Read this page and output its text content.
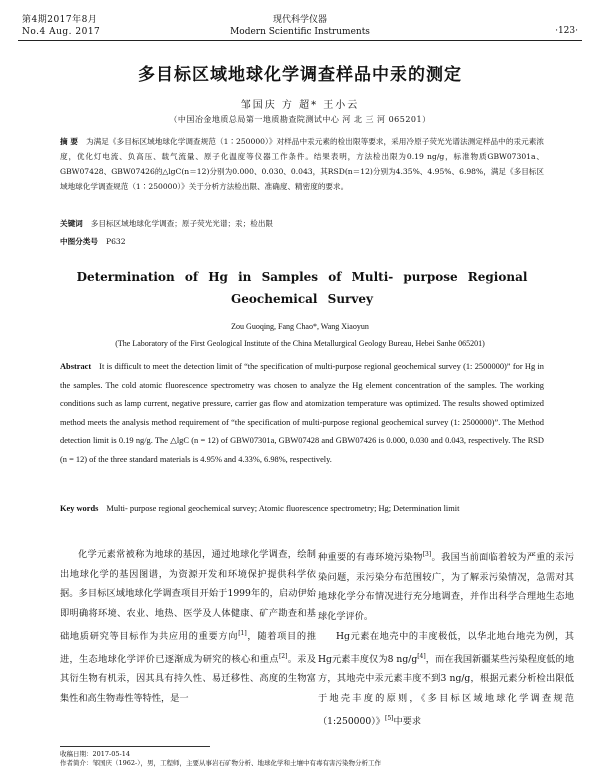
第4期2017年8月
No.4 Aug. 2017
现代科学仪器
Modern Scientific Instruments	·123·
多目标区域地球化学调查样品中汞的测定
邹国庆 方 超* 王小云
（中国冶金地质总局第一地质勘查院测试中心 河 北 三 河 065201）
摘 要 为满足《多目标区域地球化学调查规范（1∶250000）》对样品中汞元素的检出限等要求，采用冷原子荧光光谱法测定样品中的汞元素浓度，优化灯电流、负高压、载气流量、原子化温度等仪器工作条件。结果表明，方法检出限为0.19 ng/g，标准物质GBW07301a、GBW07428、GBW07426的△lgC(n＝12)分别为0.000、0.030、0.043，其RSD(n＝12)分别为4.35%、4.95%、6.98%，满足《多目标区域地球化学调查规范（1∶250000）》关于分析方法检出限、准确度、精密度的要求。
关键词 多目标区域地球化学调查；原子荧光光谱；汞；检出限
中图分类号 P632
Determination of Hg in Samples of Multi- purpose Regional Geochemical Survey
Zou Guoqing, Fang Chao*, Wang Xiaoyun
(The Laboratory of the First Geological Institute of the China Metallurgical Geology Bureau, Hebei Sanhe 065201)
Abstract It is difficult to meet the detection limit of “the specification of multi-purpose regional geochemical survey (1: 2500000)” for Hg in the samples. The cold atomic fluorescence spectrometry was chosen to analyze the Hg element concentration of the samples. The working conditions such as lamp current, negative pressure, carrier gas flow and atomization temperature was optimized. The results showed optimized method meets the analysis method requirement of “the specification of multi-purpose regional geochemical survey (1: 2500000)”. The Method detection limit is 0.19 ng/g. The △lgC (n = 12) of GBW07301a, GBW07428 and GBW07426 is 0.000, 0.030 and 0.043, respectively. The RSD (n = 12) of the three standard materials is 4.95% and 4.33%, 6.98%, respectively.
Key words Multi- purpose regional geochemical survey; Atomic fluorescence spectrometry; Hg; Determination limit
化学元素常被称为地球的基因，通过地球化学调查，绘制出地球化学的基因图谱，为资源开发和环境保护提供科学依据。多目标区域地球化学调查项目开始于1999年的，启动伊始即明确将环境、农业、地热、医学及人体健康、矿产勘查和基础地质研究等目标作为共应用的重要方向[1]，随着项目的推进，生态地球化学评价已逐渐成为研究的核心和重点[2]。汞及其衍生物有机汞，因其具有持久性、易迁移性、高度的生物富集性和高生物毒性等特性，是一

种重要的有毒环境污染物[3]。我国当前面临着较为严重的汞污染问题，汞污染分布范围较广，为了解汞污染情况，急需对其地球化学分布情况进行充分地调查，并作出科学合理地生态地球化学评价。

Hg元素在地壳中的丰度极低，以华北地台地壳为例，其Hg元素丰度仅为8 ng/g[4]，而在我国新疆某些污染程度低的地方，其地壳中汞元素丰度不到3 ng/g，根据元素分析检出限低于地壳丰度的原则，《多目标区域地球化学调查规范（1:250000）》[5]中要求

收稿日期：2017-05-14
作者简介：邹国庆（1962-），男，工程师，主要从事岩石矿物分析、地球化学和土壤中有毒有害污染物分析工作
